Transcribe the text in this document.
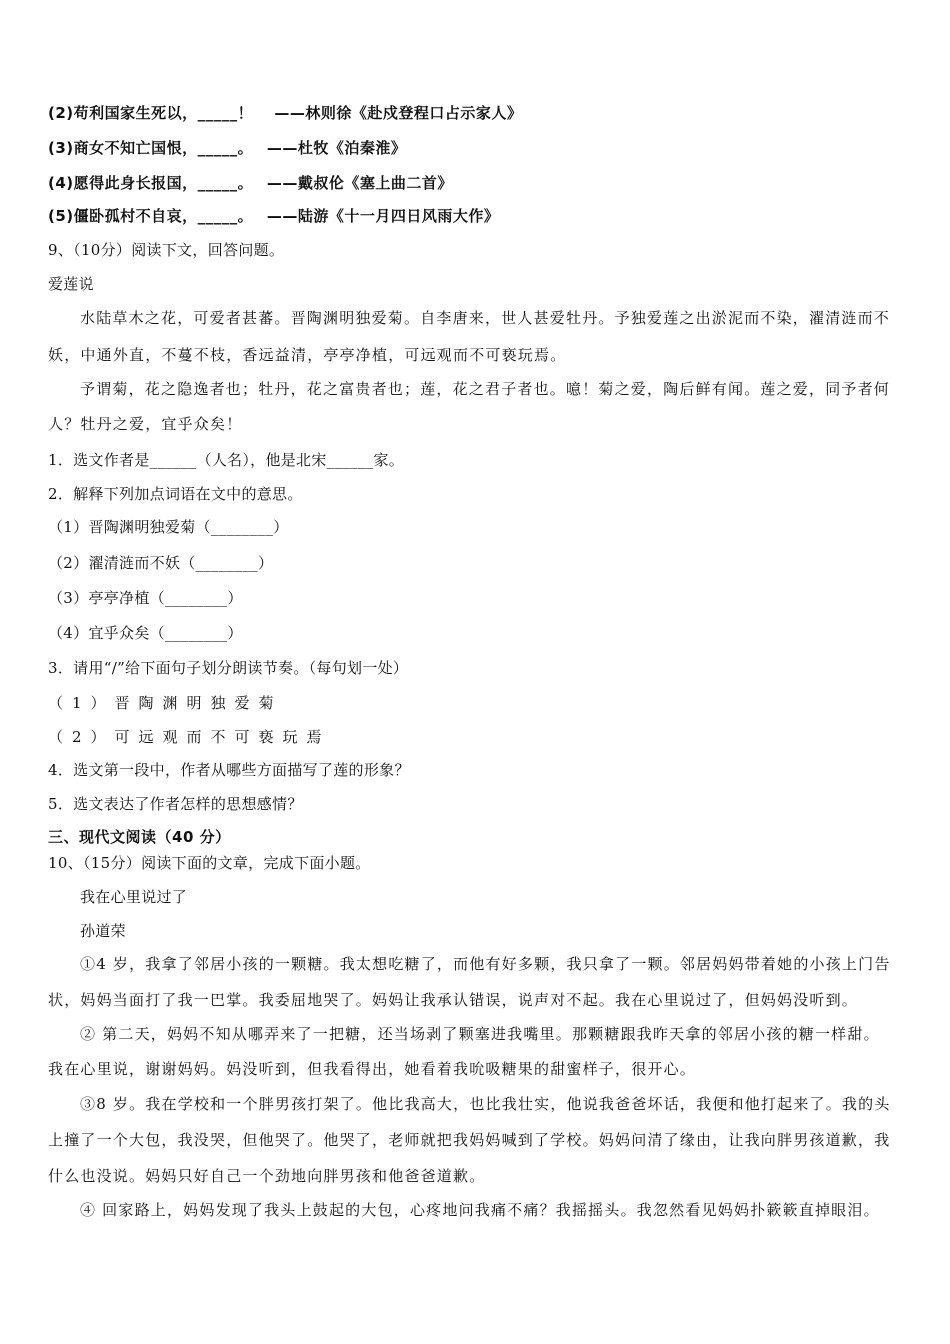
(2)苟利国家生死以，_____！　 ——林则徐《赴戍登程口占示家人》
(3)商女不知亡国恨，_____。　 ——杜牧《泊秦淮》
(4)愿得此身长报国，_____。　 ——戴叔伦《塞上曲二首》
(5)僵卧孤村不自哀，_____。　 ——陆游《十一月四日风雨大作》
9、（10分）阅读下文，回答问题。
爱莲说
水陆草木之花，可爱者甚蕃。晋陶渊明独爱菊。自李唐来，世人甚爱牡丹。予独爱莲之出淤泥而不染，濯清涟而不
妖，中通外直，不蔓不枝，香远益清，亭亭净植，可远观而不可亵玩焉。
予谓菊，花之隐逸者也；牡丹，花之富贵者也；莲，花之君子者也。噫！菊之爱，陶后鲜有闻。莲之爱，同予者何
人？牡丹之爱，宜乎众矣！
1．选文作者是______（人名），他是北宋______家。
2．解释下列加点词语在文中的意思。
（1）晋陶渊明独爱菊（________）
（2）濯清涟而不妖（________）
（3）亭亭净植（________）
（4）宜乎众矣（________）
3．请用“/”给下面句子划分朗读节奏。（每句划一处）
（1）晋陶渊明独爱菊
（2）可远观而不可亵玩焉
4．选文第一段中，作者从哪些方面描写了莲的形象？
5．选文表达了作者怎样的思想感情？
三、现代文阅读（40 分）
10、（15分）阅读下面的文章，完成下面小题。
我在心里说过了
孙道荣
①4 岁，我拿了邻居小孩的一颗糖。我太想吃糖了，而他有好多颗，我只拿了一颗。邻居妈妈带着她的小孩上门告
状，妈妈当面打了我一巴掌。我委屈地哭了。妈妈让我承认错误，说声对不起。我在心里说过了，但妈妈没听到。
② 第二天，妈妈不知从哪弄来了一把糖，还当场剥了颗塞进我嘴里。那颗糖跟我昨天拿的邻居小孩的糖一样甜。
我在心里说，谢谢妈妈。妈没听到，但我看得出，她看着我吮吸糖果的甜蜜样子，很开心。
③8 岁。我在学校和一个胖男孩打架了。他比我高大，也比我壮实，他说我爸爸坏话，我便和他打起来了。我的头
上撞了一个大包，我没哭，但他哭了。他哭了，老师就把我妈妈喊到了学校。妈妈问清了缘由，让我向胖男孩道歉，我
什么也没说。妈妈只好自己一个劲地向胖男孩和他爸爸道歉。
④ 回家路上，妈妈发现了我头上鼓起的大包，心疼地问我痛不痛？我摇摇头。我忽然看见妈妈扑簌簌直掉眼泪。
